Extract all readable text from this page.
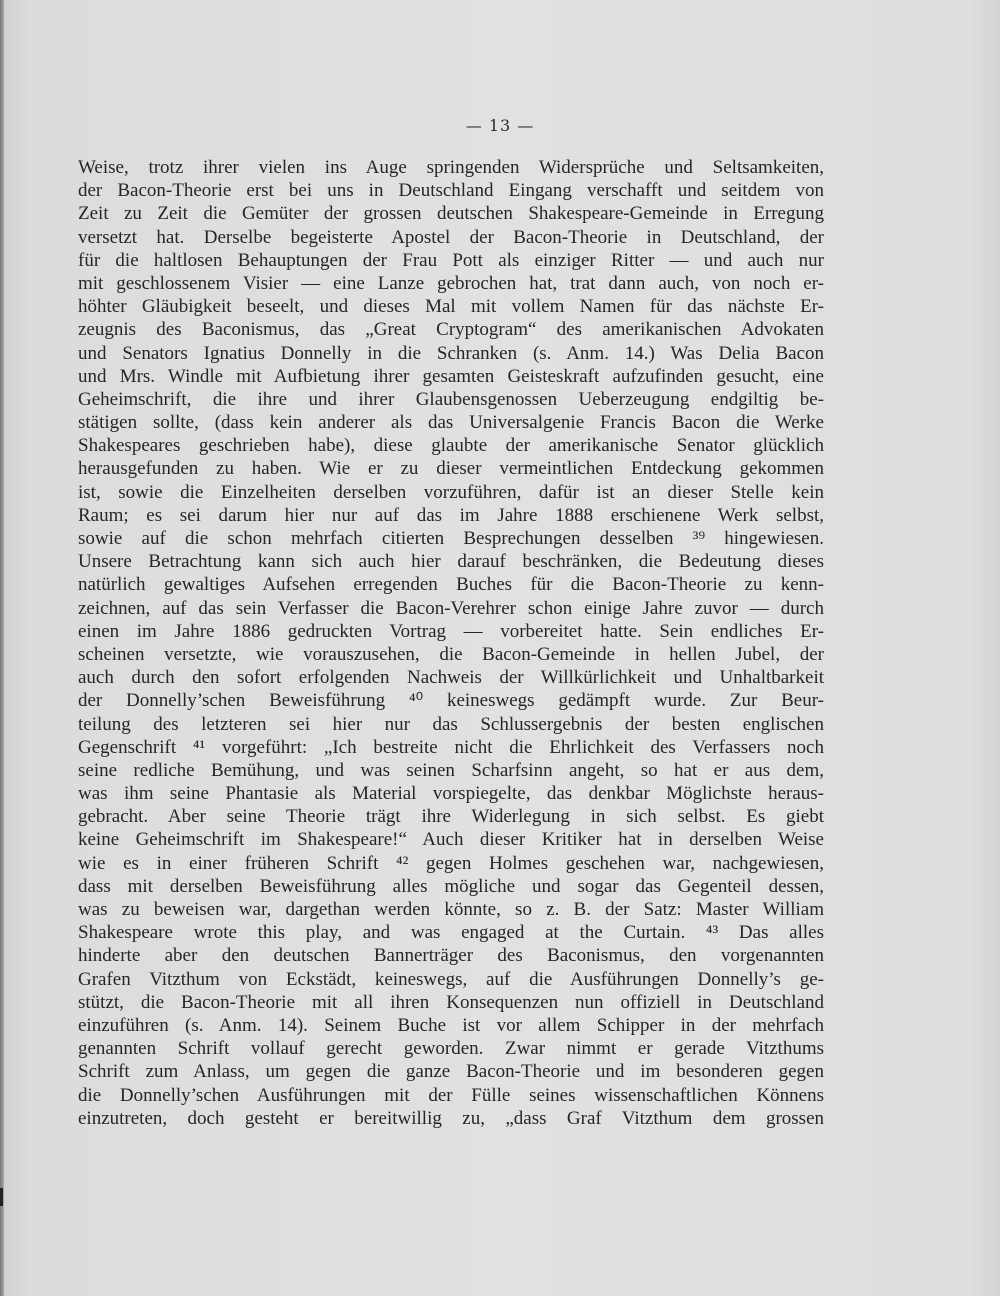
— 13 —
Weise, trotz ihrer vielen ins Auge springenden Widersprüche und Seltsamkeiten,
der Bacon-Theorie erst bei uns in Deutschland Eingang verschafft und seitdem von
Zeit zu Zeit die Gemüter der grossen deutschen Shakespeare-Gemeinde in Erregung
versetzt hat. Derselbe begeisterte Apostel der Bacon-Theorie in Deutschland, der
für die haltlosen Behauptungen der Frau Pott als einziger Ritter — und auch nur
mit geschlossenem Visier — eine Lanze gebrochen hat, trat dann auch, von noch er-
höhter Gläubigkeit beseelt, und dieses Mal mit vollem Namen für das nächste Er-
zeugnis des Baconismus, das „Great Cryptogram“ des amerikanischen Advokaten
und Senators Ignatius Donnelly in die Schranken (s. Anm. 14.) Was Delia Bacon
und Mrs. Windle mit Aufbietung ihrer gesamten Geisteskraft aufzufinden gesucht, eine
Geheimschrift, die ihre und ihrer Glaubensgenossen Ueberzeugung endgiltig be-
stätigen sollte, (dass kein anderer als das Universalgenie Francis Bacon die Werke
Shakespeares geschrieben habe), diese glaubte der amerikanische Senator glücklich
herausgefunden zu haben. Wie er zu dieser vermeintlichen Entdeckung gekommen
ist, sowie die Einzelheiten derselben vorzuführen, dafür ist an dieser Stelle kein
Raum; es sei darum hier nur auf das im Jahre 1888 erschienene Werk selbst,
sowie auf die schon mehrfach citierten Besprechungen desselben ³⁹ hingewiesen.
Unsere Betrachtung kann sich auch hier darauf beschränken, die Bedeutung dieses
natürlich gewaltiges Aufsehen erregenden Buches für die Bacon-Theorie zu kenn-
zeichnen, auf das sein Verfasser die Bacon-Verehrer schon einige Jahre zuvor — durch
einen im Jahre 1886 gedruckten Vortrag — vorbereitet hatte. Sein endliches Er-
scheinen versetzte, wie vorauszusehen, die Bacon-Gemeinde in hellen Jubel, der
auch durch den sofort erfolgenden Nachweis der Willkürlichkeit und Unhaltbarkeit
der Donnelly’schen Beweisführung ⁴⁰ keineswegs gedämpft wurde. Zur Beur-
teilung des letzteren sei hier nur das Schlussergebnis der besten englischen
Gegenschrift ⁴¹ vorgeführt: „Ich bestreite nicht die Ehrlichkeit des Verfassers noch
seine redliche Bemühung, und was seinen Scharfsinn angeht, so hat er aus dem,
was ihm seine Phantasie als Material vorspiegelte, das denkbar Möglichste heraus-
gebracht. Aber seine Theorie trägt ihre Widerlegung in sich selbst. Es giebt
keine Geheimschrift im Shakespeare!“ Auch dieser Kritiker hat in derselben Weise
wie es in einer früheren Schrift ⁴² gegen Holmes geschehen war, nachgewiesen,
dass mit derselben Beweisführung alles mögliche und sogar das Gegenteil dessen,
was zu beweisen war, dargethan werden könnte, so z. B. der Satz: Master William
Shakespeare wrote this play, and was engaged at the Curtain. ⁴³ Das alles
hinderte aber den deutschen Bannerträger des Baconismus, den vorgenannten
Grafen Vitzthum von Eckstädt, keineswegs, auf die Ausführungen Donnelly’s ge-
stützt, die Bacon-Theorie mit all ihren Konsequenzen nun offiziell in Deutschland
einzuführen (s. Anm. 14). Seinem Buche ist vor allem Schipper in der mehrfach
genannten Schrift vollauf gerecht geworden. Zwar nimmt er gerade Vitzthums
Schrift zum Anlass, um gegen die ganze Bacon-Theorie und im besonderen gegen
die Donnelly’schen Ausführungen mit der Fülle seines wissenschaftlichen Könnens
einzutreten, doch gesteht er bereitwillig zu, „dass Graf Vitzthum dem grossen
